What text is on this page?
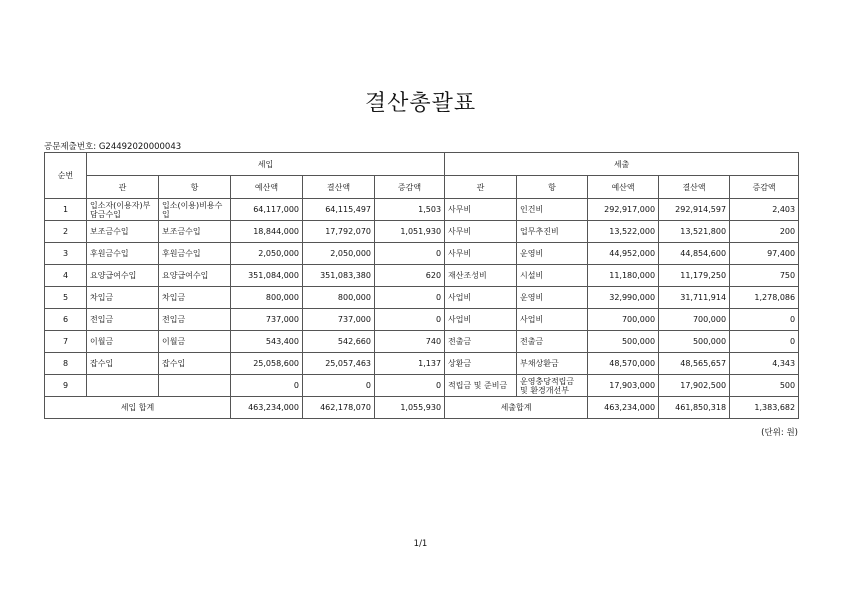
결산총괄표
공문제출번호: G24492020000043
순번	세입					세출				
	관	항	예산액	결산액	증감액	관	항	예산액	결산액	증감액
1	입소자(이용자)부담금수입	입소(이용)비용수입	64,117,000	64,115,497	1,503	사무비	인건비	292,917,000	292,914,597	2,403
2	보조금수입	보조금수입	18,844,000	17,792,070	1,051,930	사무비	업무추진비	13,522,000	13,521,800	200
3	후원금수입	후원금수입	2,050,000	2,050,000	0	사무비	운영비	44,952,000	44,854,600	97,400
4	요양급여수입	요양급여수입	351,084,000	351,083,380	620	재산조성비	시설비	11,180,000	11,179,250	750
5	차입금	차입금	800,000	800,000	0	사업비	운영비	32,990,000	31,711,914	1,278,086
6	전입금	전입금	737,000	737,000	0	사업비	사업비	700,000	700,000	0
7	이월금	이월금	543,400	542,660	740	전출금	전출금	500,000	500,000	0
8	잡수입	잡수입	25,058,600	25,057,463	1,137	상환금	부채상환금	48,570,000	48,565,657	4,343
9			0	0	0	적립금 및 준비금	운영충당적립금 및 환경개선부	17,903,000	17,902,500	500
세입 합계			463,234,000	462,178,070	1,055,930	세출합계		463,234,000	461,850,318	1,383,682
(단위: 원)
1/1
